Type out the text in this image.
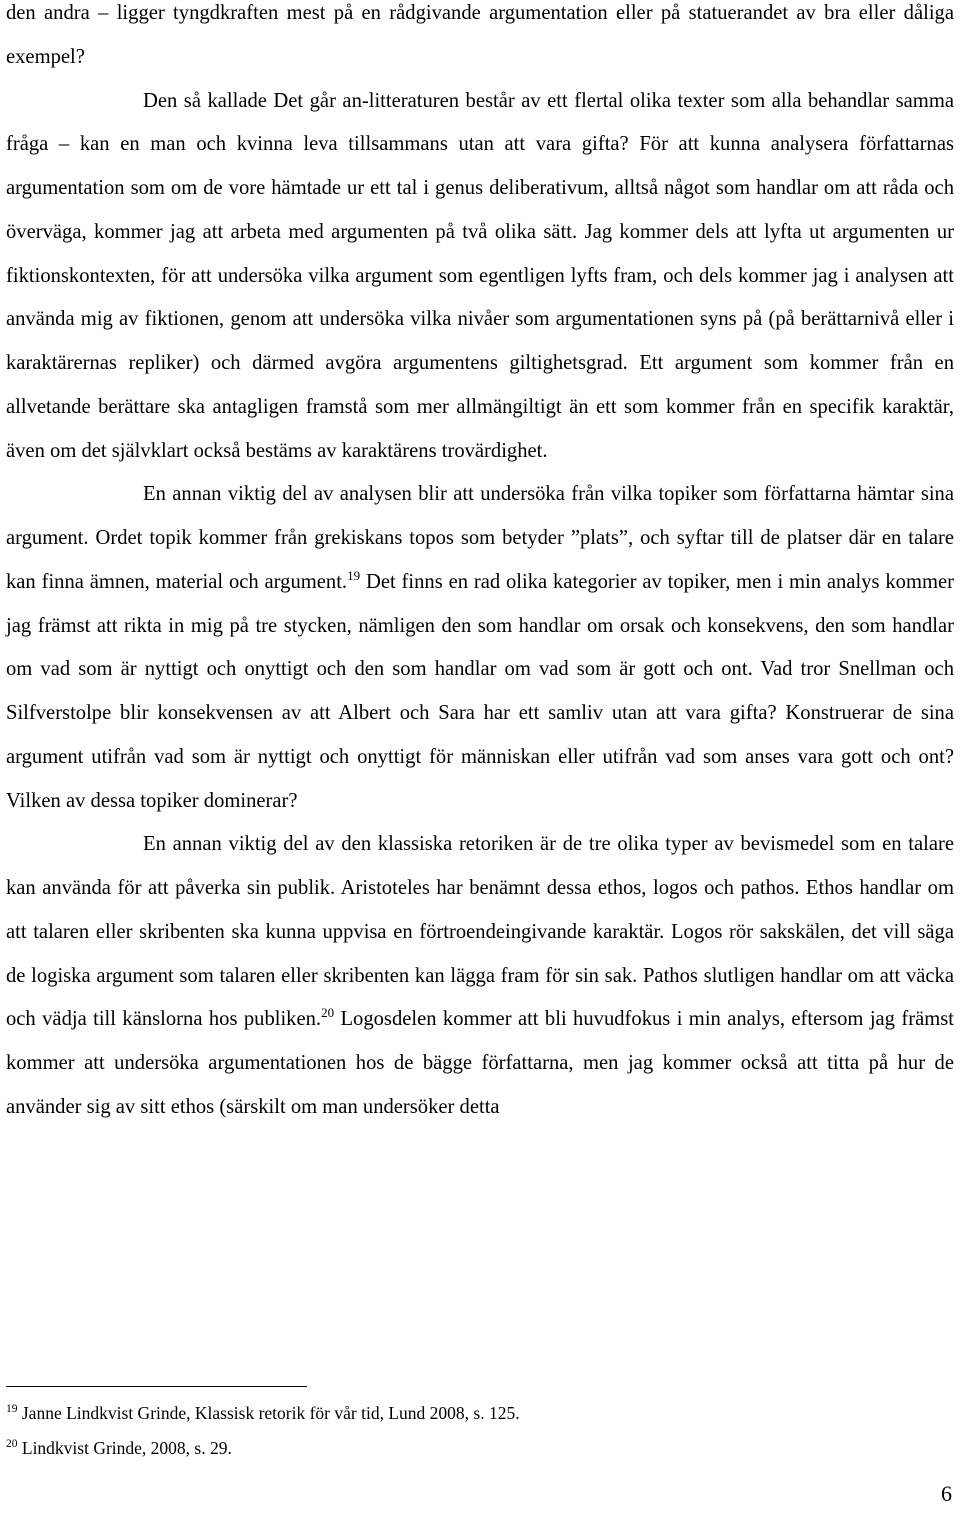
den andra – ligger tyngdkraften mest på en rådgivande argumentation eller på statuerandet av bra eller dåliga exempel?

Den så kallade Det går an-litteraturen består av ett flertal olika texter som alla behandlar samma fråga – kan en man och kvinna leva tillsammans utan att vara gifta? För att kunna analysera författarnas argumentation som om de vore hämtade ur ett tal i genus deliberativum, alltså något som handlar om att råda och överväga, kommer jag att arbeta med argumenten på två olika sätt. Jag kommer dels att lyfta ut argumenten ur fiktionskontexten, för att undersöka vilka argument som egentligen lyfts fram, och dels kommer jag i analysen att använda mig av fiktionen, genom att undersöka vilka nivåer som argumentationen syns på (på berättarnivå eller i karaktärernas repliker) och därmed avgöra argumentens giltighetsgrad. Ett argument som kommer från en allvetande berättare ska antagligen framstå som mer allmängiltigt än ett som kommer från en specifik karaktär, även om det självklart också bestäms av karaktärens trovärdighet.

En annan viktig del av analysen blir att undersöka från vilka topiker som författarna hämtar sina argument. Ordet topik kommer från grekiskans topos som betyder ”plats”, och syftar till de platser där en talare kan finna ämnen, material och argument.$^{19}$ Det finns en rad olika kategorier av topiker, men i min analys kommer jag främst att rikta in mig på tre stycken, nämligen den som handlar om orsak och konsekvens, den som handlar om vad som är nyttigt och onyttigt och den som handlar om vad som är gott och ont. Vad tror Snellman och Silfverstolpe blir konsekvensen av att Albert och Sara har ett samliv utan att vara gifta? Konstruerar de sina argument utifrån vad som är nyttigt och onyttigt för människan eller utifrån vad som anses vara gott och ont? Vilken av dessa topiker dominerar?

En annan viktig del av den klassiska retoriken är de tre olika typer av bevismedel som en talare kan använda för att påverka sin publik. Aristoteles har benämnt dessa ethos, logos och pathos. Ethos handlar om att talaren eller skribenten ska kunna uppvisa en förtroendeingivande karaktär. Logos rör sakskälen, det vill säga de logiska argument som talaren eller skribenten kan lägga fram för sin sak. Pathos slutligen handlar om att väcka och vädja till känslorna hos publiken.$^{20}$ Logosdelen kommer att bli huvudfokus i min analys, eftersom jag främst kommer att undersöka argumentationen hos de bägge författarna, men jag kommer också att titta på hur de använder sig av sitt ethos (särskilt om man undersöker detta

$^{19}$ Janne Lindkvist Grinde, Klassisk retorik för vår tid, Lund 2008, s. 125.
$^{20}$ Lindkvist Grinde, 2008, s. 29.
6
